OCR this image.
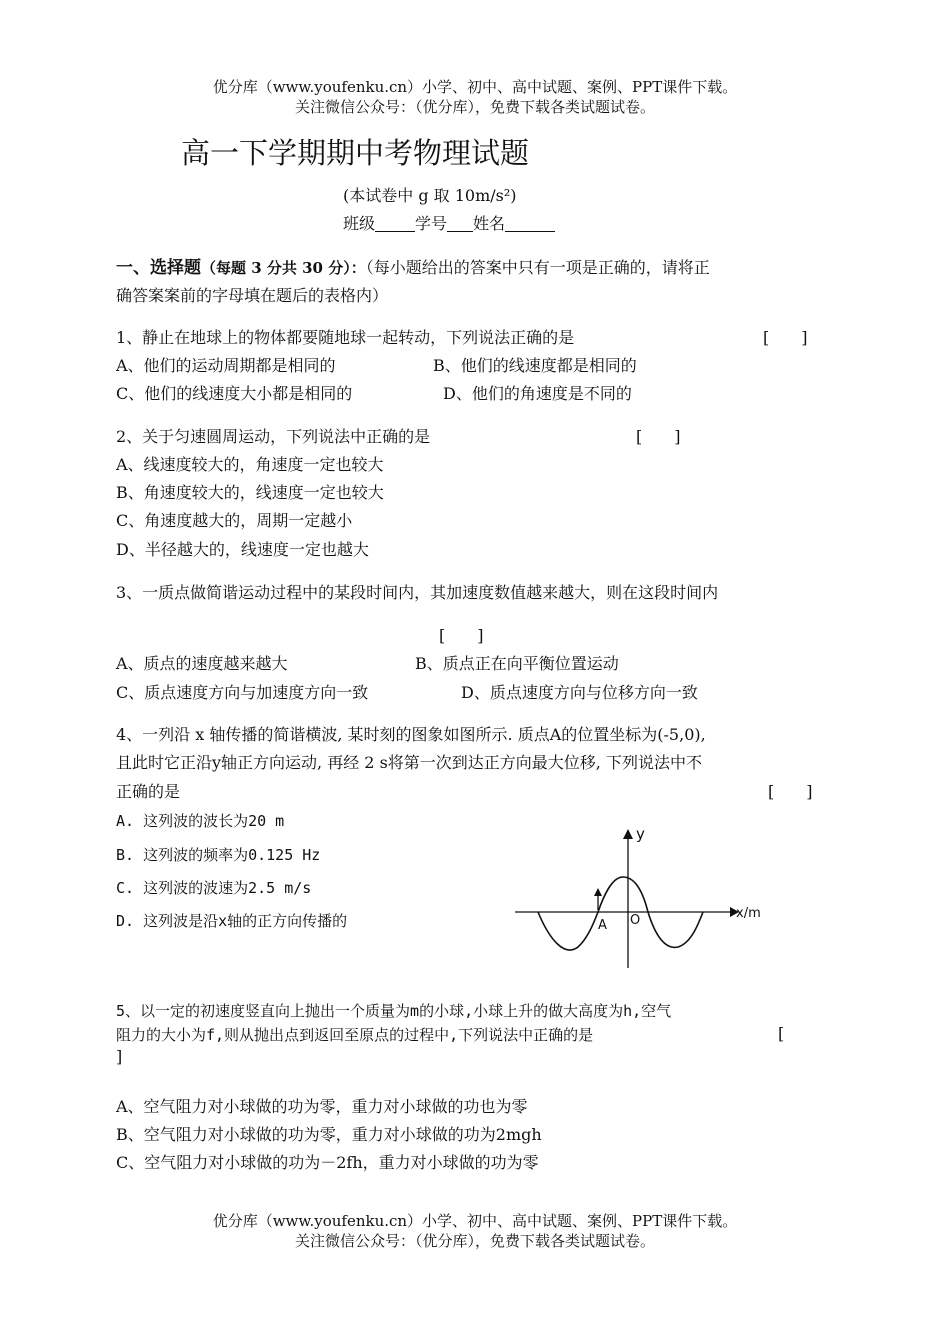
优分库（www.youfenku.cn）小学、初中、高中试题、案例、PPT课件下载。
关注微信公众号：（优分库），免费下载各类试题试卷。
高一下学期期中考物理试题
(本试卷中 g 取 10m/s²)
班级	学号 姓名
一、选择题（每题 3 分共 30 分）：（每小题给出的答案中只有一项是正确的，请将正
确答案案前的字母填在题后的表格内）
1、静止在地球上的物体都要随地球一起转动，下列说法正确的是	[　　]
A、他们的运动周期都是相同的	B、他们的线速度都是相同的
C、他们的线速度大小都是相同的	D、他们的角速度是不同的
2、关于匀速圆周运动，下列说法中正确的是	[　　]
A、线速度较大的，角速度一定也较大
B、角速度较大的，线速度一定也较大
C、角速度越大的，周期一定越小
D、半径越大的，线速度一定也越大
3、一质点做简谐运动过程中的某段时间内，其加速度数值越来越大，则在这段时间内
[　　]
A、质点的速度越来越大	B、质点正在向平衡位置运动
C、质点速度方向与加速度方向一致	D、质点速度方向与位移方向一致
4、一列沿 x 轴传播的简谐横波, 某时刻的图象如图所示. 质点A的位置坐标为(-5,0),
且此时它正沿y轴正方向运动, 再经 2 s将第一次到达正方向最大位移, 下列说法中不
正确的是	[　　]
A. 这列波的波长为20 m
B. 这列波的频率为0.125 Hz
C. 这列波的波速为2.5 m/s
D. 这列波是沿x轴的正方向传播的
y
x/m
A O
5、以一定的初速度竖直向上抛出一个质量为m的小球,小球上升的做大高度为h,空气
阻力的大小为f,则从抛出点到返回至原点的过程中,下列说法中正确的是	[
]
A、空气阻力对小球做的功为零，重力对小球做的功也为零
B、空气阻力对小球做的功为零，重力对小球做的功为2mgh
C、空气阻力对小球做的功为－2fh，重力对小球做的功为零
优分库（www.youfenku.cn）小学、初中、高中试题、案例、PPT课件下载。
关注微信公众号：（优分库），免费下载各类试题试卷。
